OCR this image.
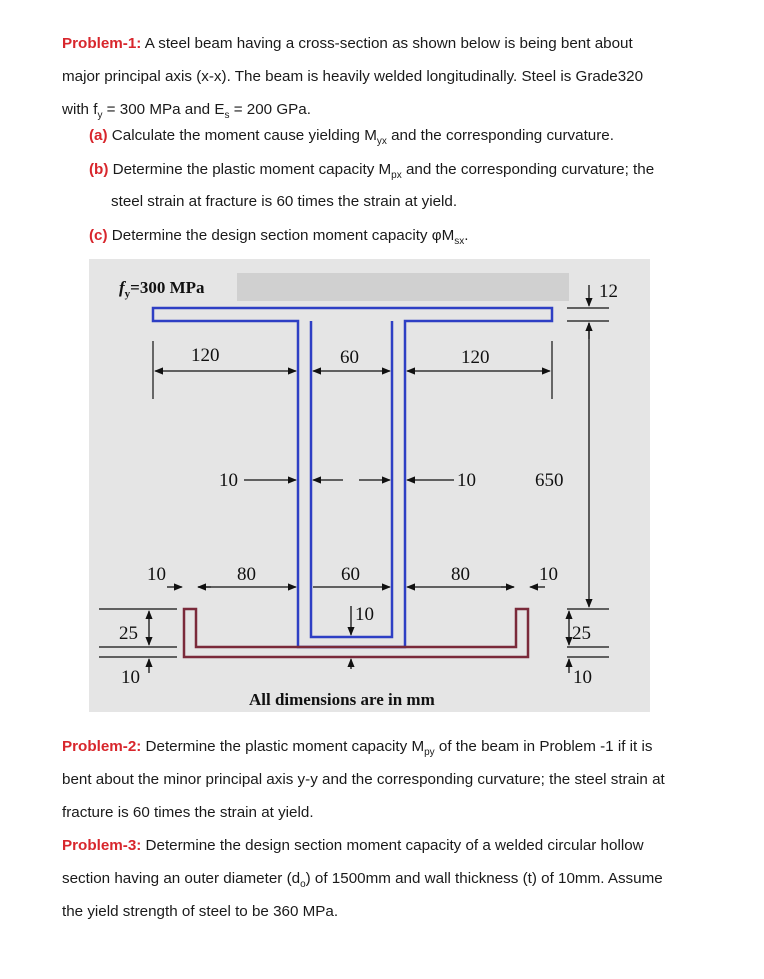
Problem-1: A steel beam having a cross-section as shown below is being bent about
major principal axis (x-x). The beam is heavily welded longitudinally. Steel is Grade320
with $f_y = 300$ MPa and $E_s = 200$ GPa.

(a) Calculate the moment cause yielding $M_{yx}$ and the corresponding curvature.

(b) Determine the plastic moment capacity $M_{px}$ and the corresponding curvature; the
steel strain at fracture is 60 times the strain at yield.

(c) Determine the design section moment capacity $\varphi M_{sx}$.

$f_y=300$ MPa
120	60	120
12
10	10	650
10	80	60	80	10
10
25	25
10	10
All dimensions are in mm

Problem-2: Determine the plastic moment capacity $M_{py}$ of the beam in Problem -1 if it is
bent about the minor principal axis y-y and the corresponding curvature; the steel strain at
fracture is 60 times the strain at yield.

Problem-3: Determine the design section moment capacity of a welded circular hollow
section having an outer diameter $(d_o)$ of 1500mm and wall thickness (t) of 10mm. Assume
the yield strength of steel to be 360 MPa.
